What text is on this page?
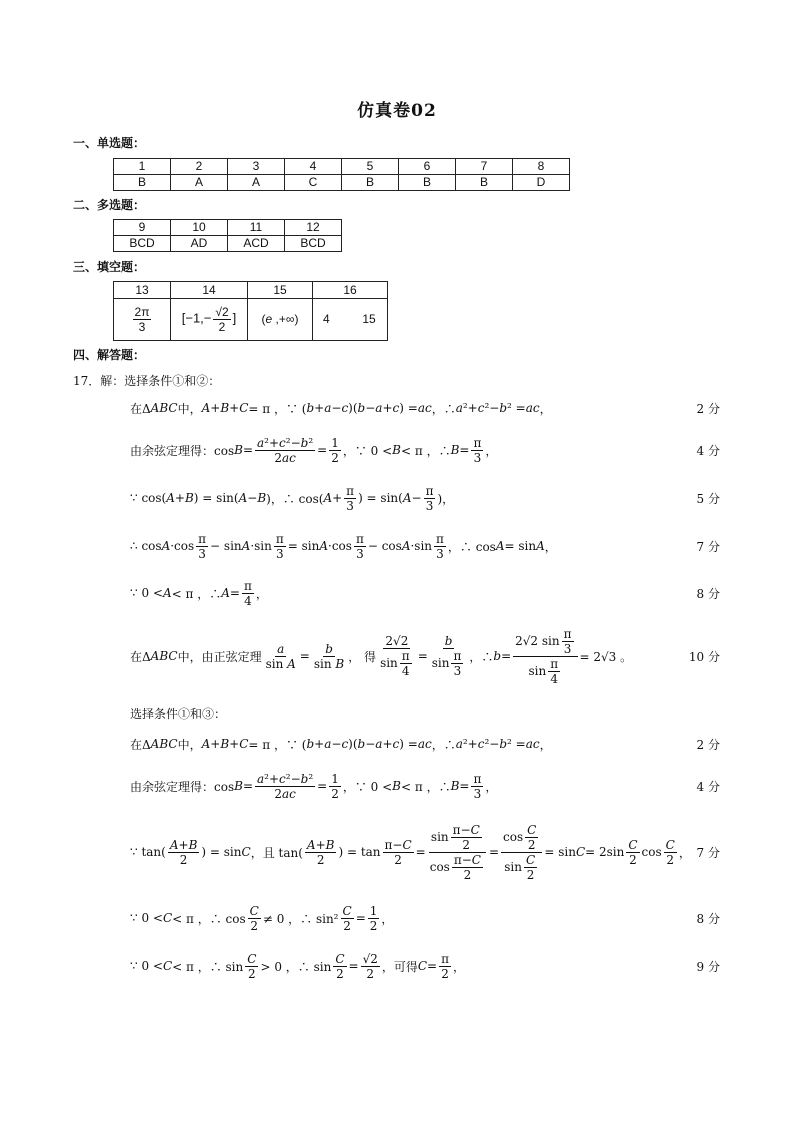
仿真卷02
一、单选题：
1	2	3	4	5	6	7	8
B	A	A	C	B	B	B	D
二、多选题：
9	10	11	12
BCD	AD	ACD	BCD
三、填空题：
13	14	15	16

$\frac{2\pi}{3}$	[$-1,- \frac{√2}{2}$ ]	(e ,+∞)	4 15
四、解答题：
17．解：选择条件①和②：
在Δ ABC 中， A + B + C = π ，∵ ( b + a − c )( b − a + c ) = ac ，∴ a ²+ c ²− b ² = ac ，	2 分
由余弦定理得：$\cos B = \frac{\text{a²+c²−b²}}{2ac} = \frac{1}{2}$ ，∵ 0 < B < π ，∴ $B = \frac{\pi}{3}$ ，	4 分
∵ cos( A + B ) = sin( A − B )，∴ cos( $A + \frac{\pi}{3}$ ) = sin( $A - \frac{\pi}{3}$ )，	5 分
∴ $\cos A \cdot\cos \frac{\pi}{3} - \sin A \cdot\sin \frac{\pi}{3} = \sin A \cdot\cos \frac{\pi}{3} - \cos A \cdot\sin \frac{\pi}{3}$ ，∴ cos A = sin A ，	7 分
∵ 0 < A < π ，∴ $A = \frac{\pi}{4}$ ，	8 分
在Δ ABC 中，由正弦定理 $\frac{a}{\text{sin A}} = \frac{b}{\text{sin B}}$ ， 得 $\frac{2√2}{\sin \frac{\pi}{4}} = \frac{b}{\sin \frac{\pi}{3}}$ ，∴ $b = \frac{2√2 \sin \frac{\pi}{3}}{\sin \frac{\pi}{4}} = 2√3$ 。	10 分
选择条件①和③：
在Δ ABC 中， A + B + C = π ，∵ ( b + a − c )( b − a + c ) = ac ，∴ a ²+ c ²− b ² = ac ，	2 分
由余弦定理得：$\cos B = \frac{\text{a²+c²−b²}}{2ac} = \frac{1}{2}$ ，∵ 0 < B < π ，∴ $B = \frac{\pi}{3}$ ，	4 分
∵ $\tan( \frac{A+B}{2}$ ) = sin C ，且 $\tan( \frac{A+B}{2}$ ) = $\tan \frac{\pi-C}{2} = \frac{\sin \frac{\pi-C}{2}}{\cos \frac{\pi-C}{2}} = \frac{\cos \frac{C}{2}}{\sin \frac{C}{2}} = \sin C = 2\sin \frac{C}{2}$ $\cos \frac{C}{2}$ ， 7 分
∵ 0 < C < π ，∴ $\cos \frac{C}{2} \ne 0$ ，∴ $\sin^2 \frac{C}{2} = \frac{1}{2}$ ，	8 分
∵ 0 < C < π ，∴ $\sin \frac{C}{2} > 0$ ，∴ $\sin \frac{C}{2} = \frac{√2}{2}$ ，可得 $C = \frac{\pi}{2}$ ，	9 分
